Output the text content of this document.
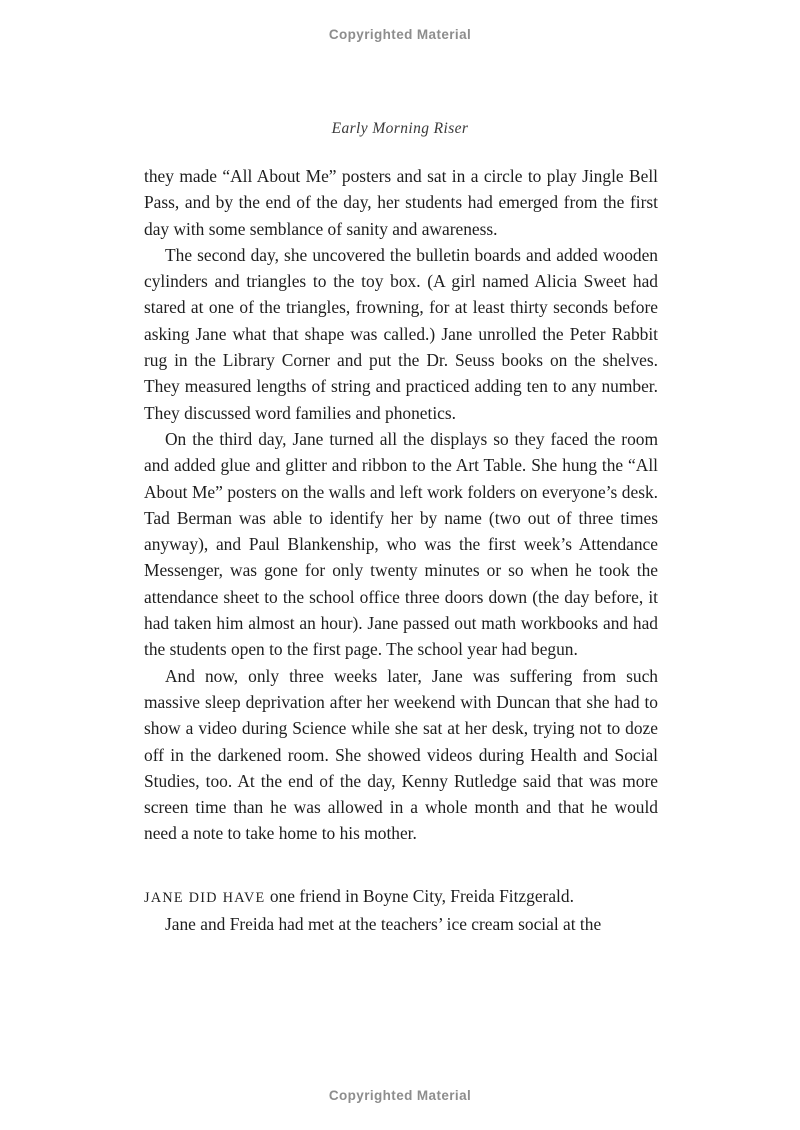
Copyrighted Material
Early Morning Riser

they made “All About Me” posters and sat in a circle to play Jingle Bell Pass, and by the end of the day, her students had emerged from the first day with some semblance of sanity and awareness.

The second day, she uncovered the bulletin boards and added wooden cylinders and triangles to the toy box. (A girl named Alicia Sweet had stared at one of the triangles, frowning, for at least thirty seconds before asking Jane what that shape was called.) Jane unrolled the Peter Rabbit rug in the Library Corner and put the Dr. Seuss books on the shelves. They measured lengths of string and practiced adding ten to any number. They discussed word families and phonetics.

On the third day, Jane turned all the displays so they faced the room and added glue and glitter and ribbon to the Art Table. She hung the “All About Me” posters on the walls and left work folders on everyone’s desk. Tad Berman was able to identify her by name (two out of three times anyway), and Paul Blankenship, who was the first week’s Attendance Messenger, was gone for only twenty minutes or so when he took the attendance sheet to the school office three doors down (the day before, it had taken him almost an hour). Jane passed out math workbooks and had the students open to the first page. The school year had begun.

And now, only three weeks later, Jane was suffering from such massive sleep deprivation after her weekend with Duncan that she had to show a video during Science while she sat at her desk, trying not to doze off in the darkened room. She showed videos during Health and Social Studies, too. At the end of the day, Kenny Rutledge said that was more screen time than he was allowed in a whole month and that he would need a note to take home to his mother.

JANE DID HAVE one friend in Boyne City, Freida Fitzgerald.

Jane and Freida had met at the teachers’ ice cream social at the

Copyrighted Material
